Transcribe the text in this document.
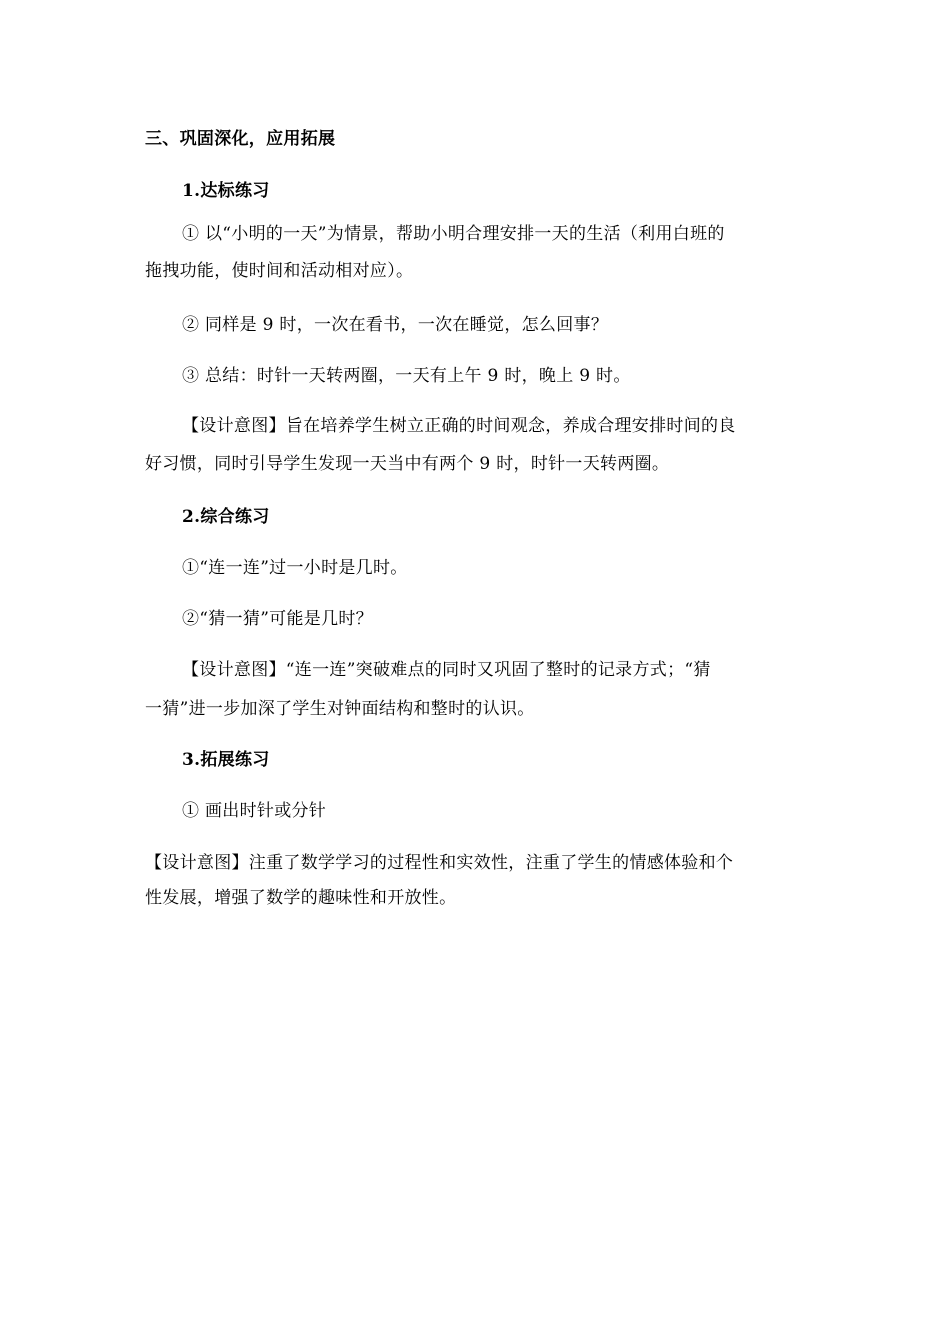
三、巩固深化，应用拓展
1.达标练习
① 以“小明的一天”为情景，帮助小明合理安排一天的生活（利用白班的
拖拽功能，使时间和活动相对应）。
② 同样是 9 时，一次在看书，一次在睡觉，怎么回事？
③ 总结：时针一天转两圈，一天有上午 9 时，晚上 9 时。
【设计意图】旨在培养学生树立正确的时间观念，养成合理安排时间的良
好习惯，同时引导学生发现一天当中有两个 9 时，时针一天转两圈。
2.综合练习
①“连一连”过一小时是几时。
②“猜一猜”可能是几时？
【设计意图】“连一连”突破难点的同时又巩固了整时的记录方式；“猜
一猜”进一步加深了学生对钟面结构和整时的认识。
3.拓展练习
① 画出时针或分针
【设计意图】注重了数学学习的过程性和实效性，注重了学生的情感体验和个
性发展，增强了数学的趣味性和开放性。
